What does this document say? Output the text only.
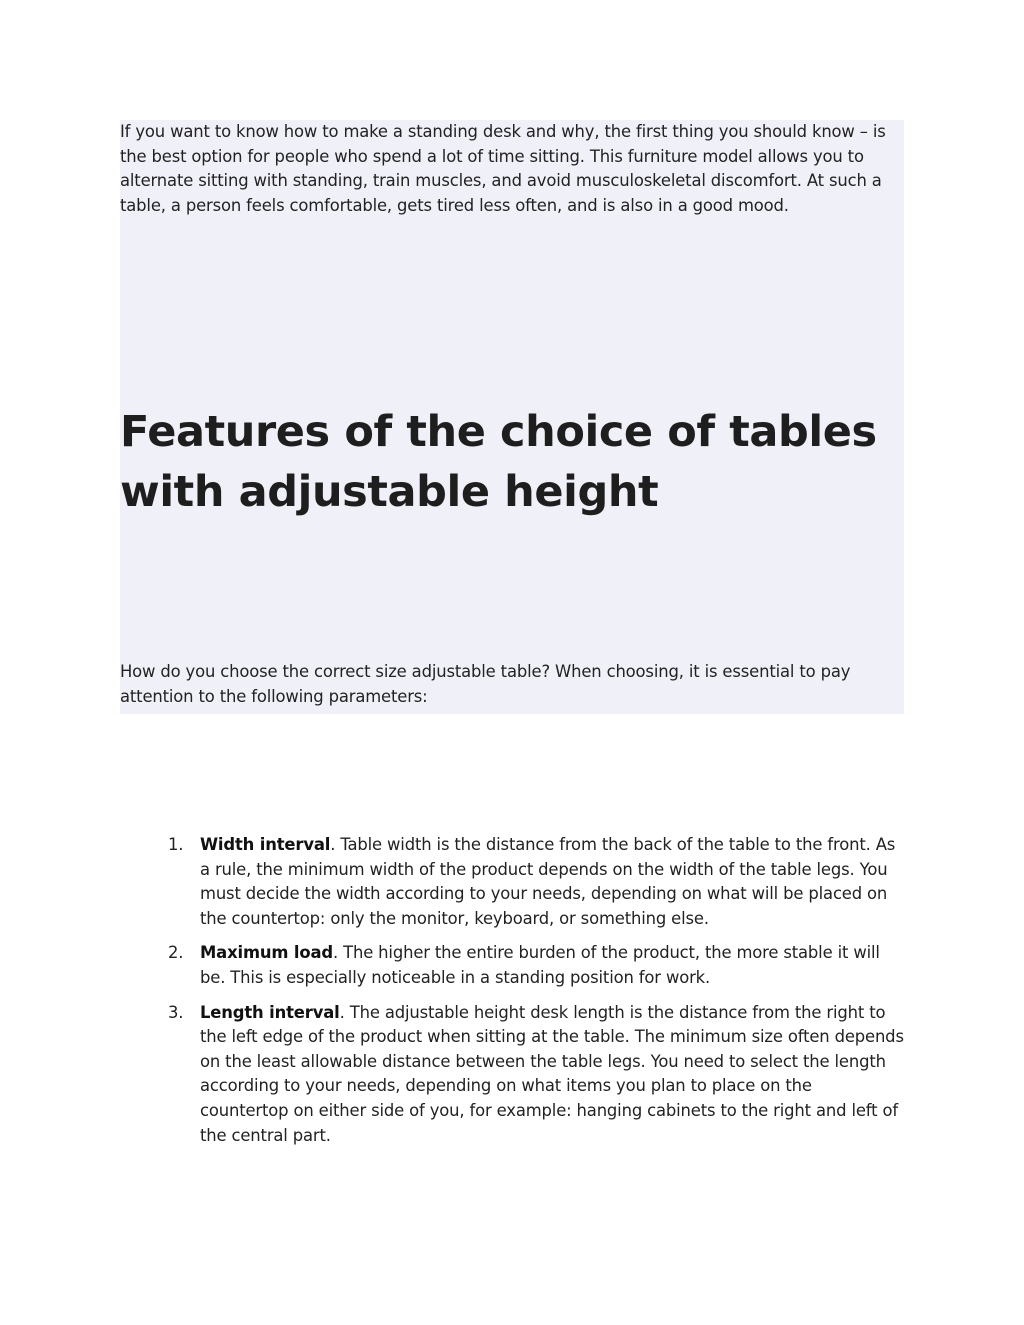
If you want to know how to make a standing desk and why, the first thing you should know – is the best option for people who spend a lot of time sitting. This furniture model allows you to alternate sitting with standing, train muscles, and avoid musculoskeletal discomfort. At such a table, a person feels comfortable, gets tired less often, and is also in a good mood.

Features of the choice of tables with adjustable height

How do you choose the correct size adjustable table? When choosing, it is essential to pay attention to the following parameters:

1. Width interval. Table width is the distance from the back of the table to the front. As a rule, the minimum width of the product depends on the width of the table legs. You must decide the width according to your needs, depending on what will be placed on the countertop: only the monitor, keyboard, or something else.
2. Maximum load. The higher the entire burden of the product, the more stable it will be. This is especially noticeable in a standing position for work.
3. Length interval. The adjustable height desk length is the distance from the right to the left edge of the product when sitting at the table. The minimum size often depends on the least allowable distance between the table legs. You need to select the length according to your needs, depending on what items you plan to place on the countertop on either side of you, for example: hanging cabinets to the right and left of the central part.
